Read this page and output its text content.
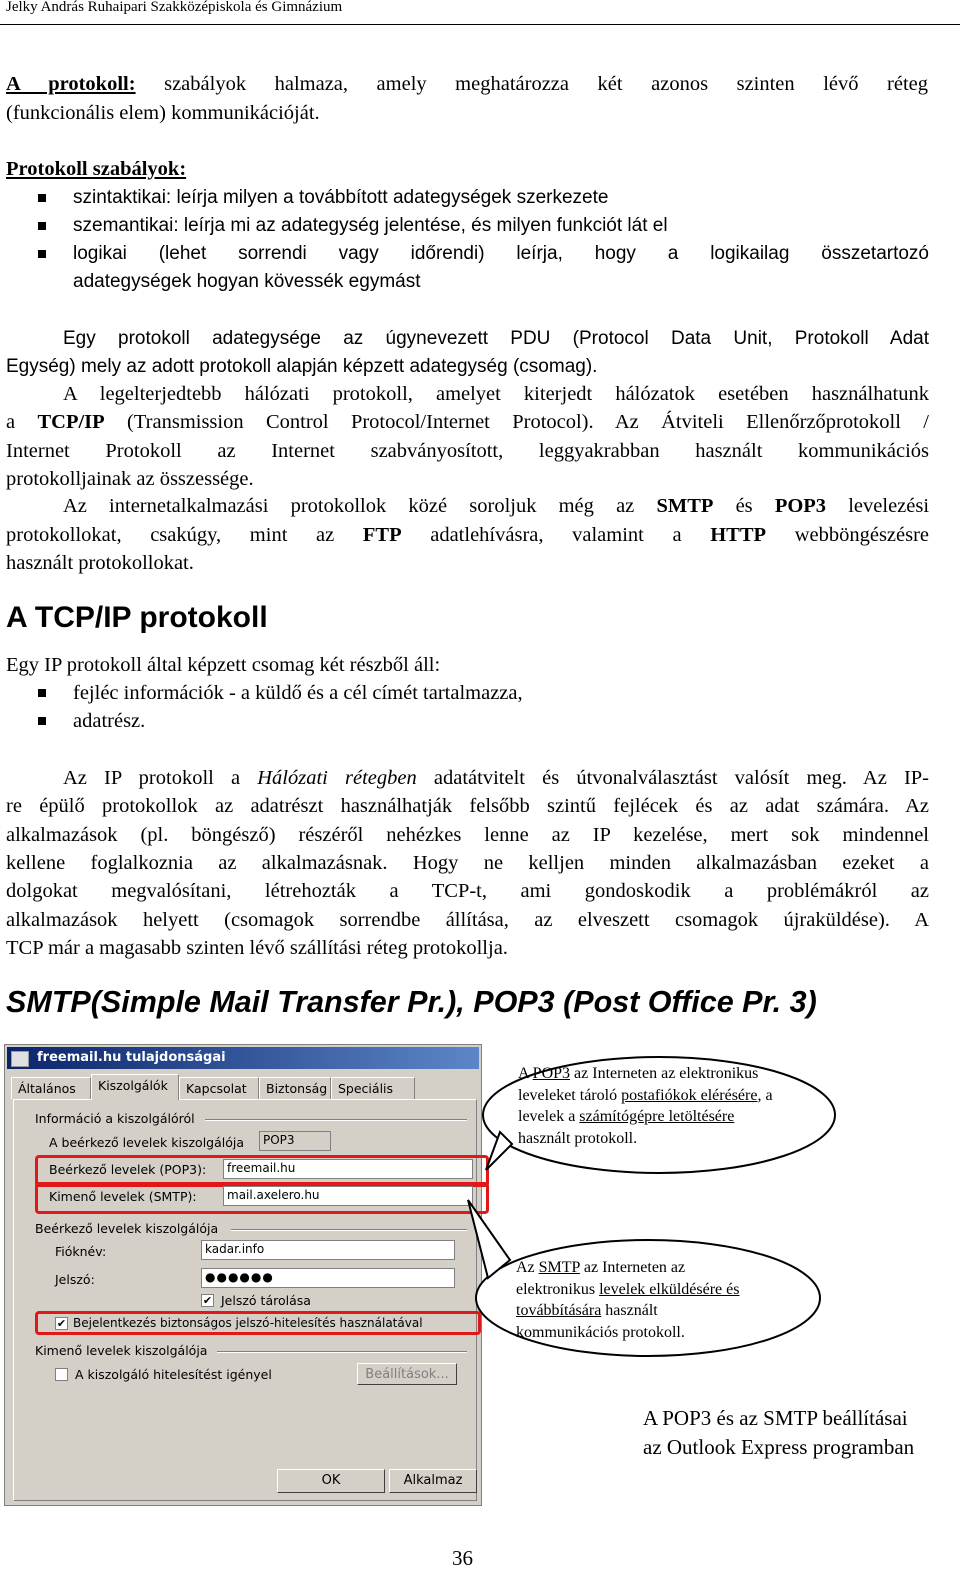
Jelky András Ruhaipari Szakközépiskola és Gimnázium
A protokoll: szabályok halmaza, amely meghatározza két azonos szinten lévő réteg
(funkcionális elem) kommunikációját.
Protokoll szabályok:
szintaktikai: leírja milyen a továbbított adategységek szerkezete
szemantikai: leírja mi az adategység jelentése, és milyen funkciót lát el
logikai (lehet sorrendi vagy időrendi) leírja, hogy a logikailag összetartozó
adategységek hogyan kövessék egymást
Egy protokoll adategysége az úgynevezett PDU (Protocol Data Unit, Protokoll Adat
Egység) mely az adott protokoll alapján képzett adategység (csomag).
A legelterjedtebb hálózati protokoll, amelyet kiterjedt hálózatok esetében használhatunk
a TCP/IP (Transmission Control Protocol/Internet Protocol). Az Átviteli Ellenőrzőprotokoll /
Internet Protokoll az Internet szabványosított, leggyakrabban használt kommunikációs
protokolljainak az összessége.
Az internetalkalmazási protokollok közé soroljuk még az SMTP és POP3 levelezési
protokollokat, csakúgy, mint az FTP adatlehívásra, valamint a HTTP webböngészésre
használt protokollokat.
A TCP/IP protokoll
Egy IP protokoll által képzett csomag két részből áll:
fejléc információk - a küldő és a cél címét tartalmazza,
adatrész.
Az IP protokoll a Hálózati rétegben adatátvitelt és útvonalválasztást valósít meg. Az IP-
re épülő protokollok az adatrészt használhatják felsőbb szintű fejlécek és az adat számára. Az
alkalmazások (pl. böngésző) részéről nehézkes lenne az IP kezelése, mert sok mindennel
kellene foglalkoznia az alkalmazásnak. Hogy ne kelljen minden alkalmazásban ezeket a
dolgokat megvalósítani, létrehozták a TCP-t, ami gondoskodik a problémákról az
alkalmazások helyett (csomagok sorrendbe állítása, az elveszett csomagok újraküldése). A
TCP már a magasabb szinten lévő szállítási réteg protokollja.
SMTP(Simple Mail Transfer Pr.), POP3 (Post Office Pr. 3)
freemail.hu tulajdonságai
Általános	Kiszolgálók	Kapcsolat	Biztonság Speciális
Információ a kiszolgálóról
A beérkező levelek kiszolgálója	POP3
Beérkező levelek (POP3):	freemail.hu
Kimenő levelek (SMTP):	mail.axelero.hu
Beérkező levelek kiszolgálója
Fióknév:	kadar.info
Jelszó:	●●●●●●
✔ Jelszó tárolása
✔ Bejelentkezés biztonságos jelszó-hitelesítés használatával
Kimenő levelek kiszolgálója
A kiszolgáló hitelesítést igényel	Beállítások...
OK	Alkalmaz
A POP3 az Interneten az elektronikus
leveleket tároló postafiókok elérésére, a
levelek a számítógépre letöltésére
használt protokoll.
Az SMTP az Interneten az
elektronikus levelek elküldésére és
továbbítására használt
kommunikációs protokoll.
A POP3 és az SMTP beállításai
az Outlook Express programban
36
